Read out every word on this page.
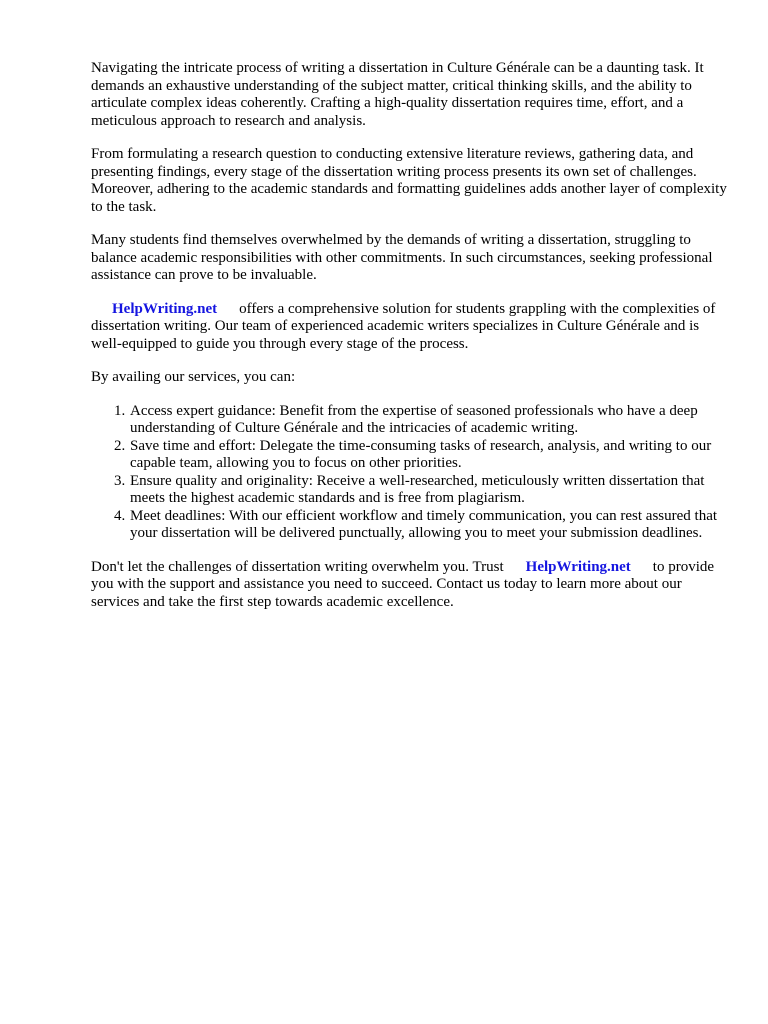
Navigating the intricate process of writing a dissertation in Culture Générale can be a daunting task. It demands an exhaustive understanding of the subject matter, critical thinking skills, and the ability to articulate complex ideas coherently. Crafting a high-quality dissertation requires time, effort, and a meticulous approach to research and analysis.

From formulating a research question to conducting extensive literature reviews, gathering data, and presenting findings, every stage of the dissertation writing process presents its own set of challenges. Moreover, adhering to the academic standards and formatting guidelines adds another layer of complexity to the task.

Many students find themselves overwhelmed by the demands of writing a dissertation, struggling to balance academic responsibilities with other commitments. In such circumstances, seeking professional assistance can prove to be invaluable.

HelpWriting.net offers a comprehensive solution for students grappling with the complexities of dissertation writing. Our team of experienced academic writers specializes in Culture Générale and is well-equipped to guide you through every stage of the process.

By availing our services, you can:

1. Access expert guidance: Benefit from the expertise of seasoned professionals who have a deep understanding of Culture Générale and the intricacies of academic writing.
2. Save time and effort: Delegate the time-consuming tasks of research, analysis, and writing to our capable team, allowing you to focus on other priorities.
3. Ensure quality and originality: Receive a well-researched, meticulously written dissertation that meets the highest academic standards and is free from plagiarism.
4. Meet deadlines: With our efficient workflow and timely communication, you can rest assured that your dissertation will be delivered punctually, allowing you to meet your submission deadlines.

Don't let the challenges of dissertation writing overwhelm you. Trust HelpWriting.net to provide you with the support and assistance you need to succeed. Contact us today to learn more about our services and take the first step towards academic excellence.
